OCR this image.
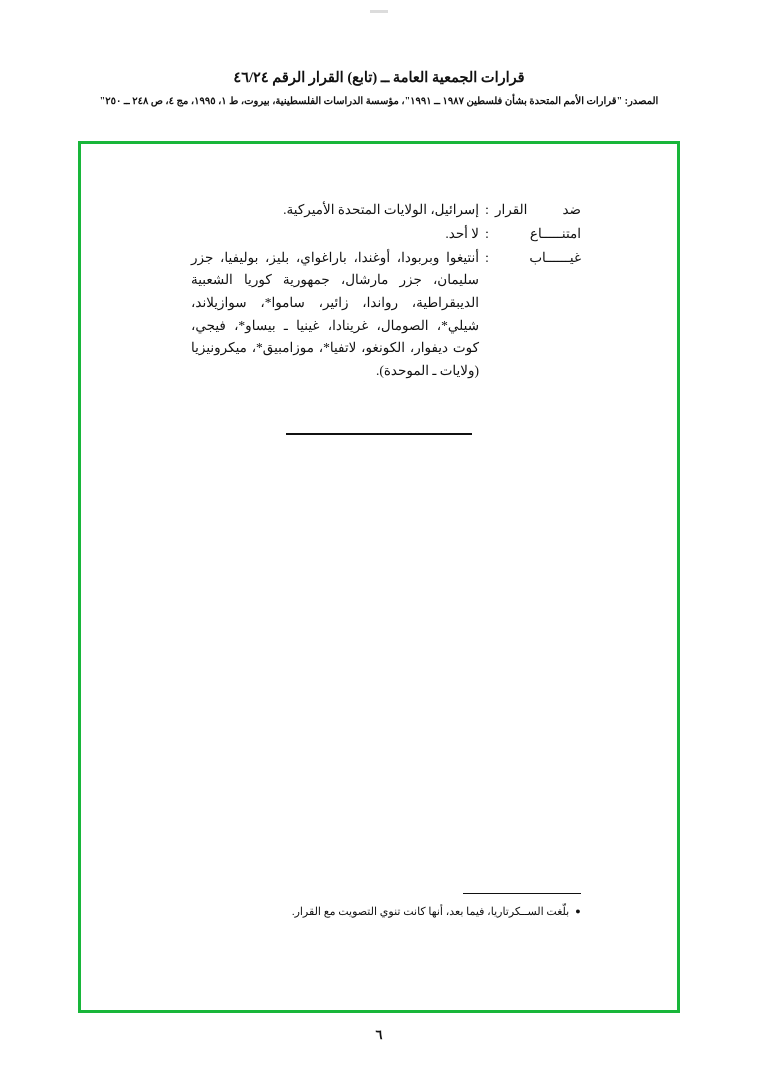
قرارات الجمعية العامة ــ (تابع) القرار الرقم ٤٦/٢٤
المصدر: "قرارات الأمم المتحدة بشأن فلسطين ١٩٨٧ ــ ١٩٩١"، مؤسسة الدراسات الفلسطينية، بيروت، ط ١، ١٩٩٥، مج ٤، ص ٢٤٨ ــ ٢٥٠"
ضد القرار
:
إسرائيل، الولايات المتحدة الأميركية.
امتنـــــاع
:
لا أحد.
غيــــــاب
:
أنتيغوا وبربودا، أوغندا، باراغواي، بليز، بوليفيا، جزر سليمان، جزر مارشال، جمهورية كوريا الشعبية الديبقراطية، رواندا، زائير، ساموا*، سوازيلاند، شيلي*، الصومال، غرينادا، غينيا ـ بيساو*، فيجي، كوت ديفوار، الكونغو، لاتفيا*، موزامبيق*، ميكرونيزيا (ولايات ـ الموحدة).
●
بلّغت الســكرتاريا، فيما بعد، أنها كانت تنوي التصويت مع القرار.
٦
